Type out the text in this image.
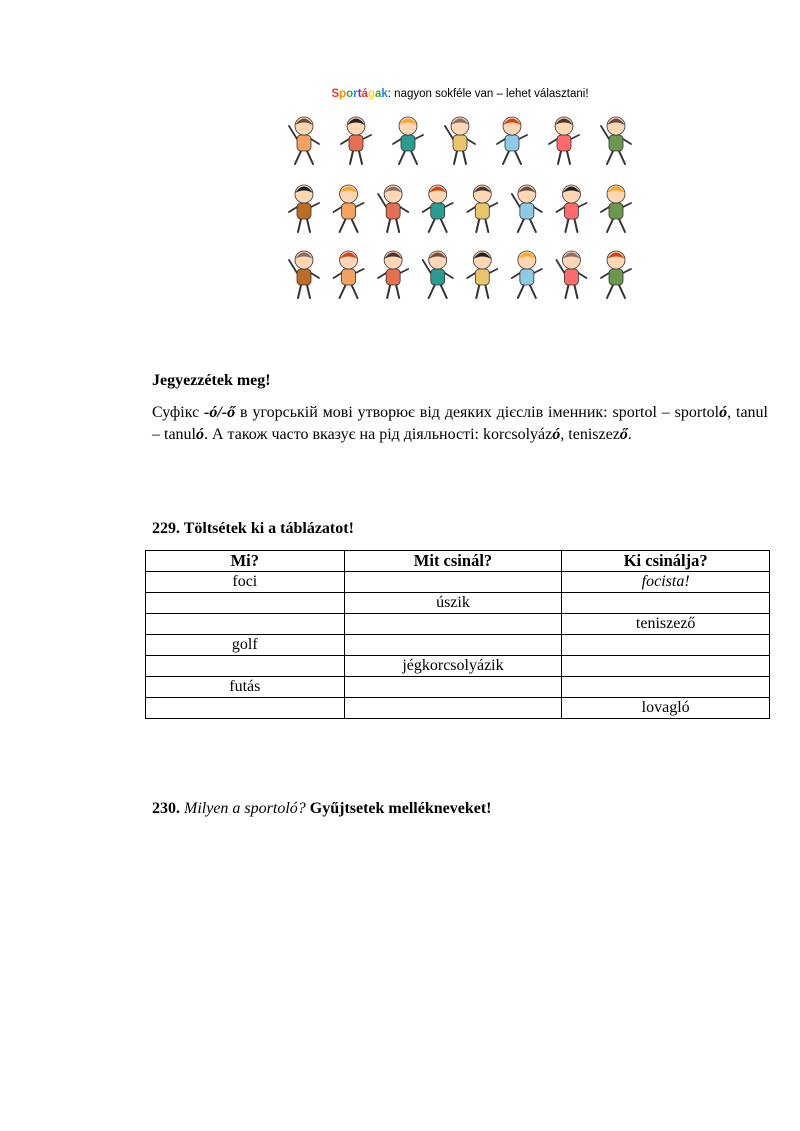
Sportágak: nagyon sokféle van – lehet választani!
Jegyezzétek meg!
Суфікс -ó/-ő в угорській мові утворює від деяких дієслів іменник: sportol – sportoló, tanul – tanuló. А також часто вказує на рід діяльності: korcsolyázó, teniszező.
229. Töltsétek ki a táblázatot!
Mi?	Mit csinál?	Ki csinálja?
foci		focista!
	úszik	
		teniszező
golf		
	jégkorcsolyázik	
futás		
		lovagló
230. Milyen a sportoló? Gyűjtsetek mellékneveket!
